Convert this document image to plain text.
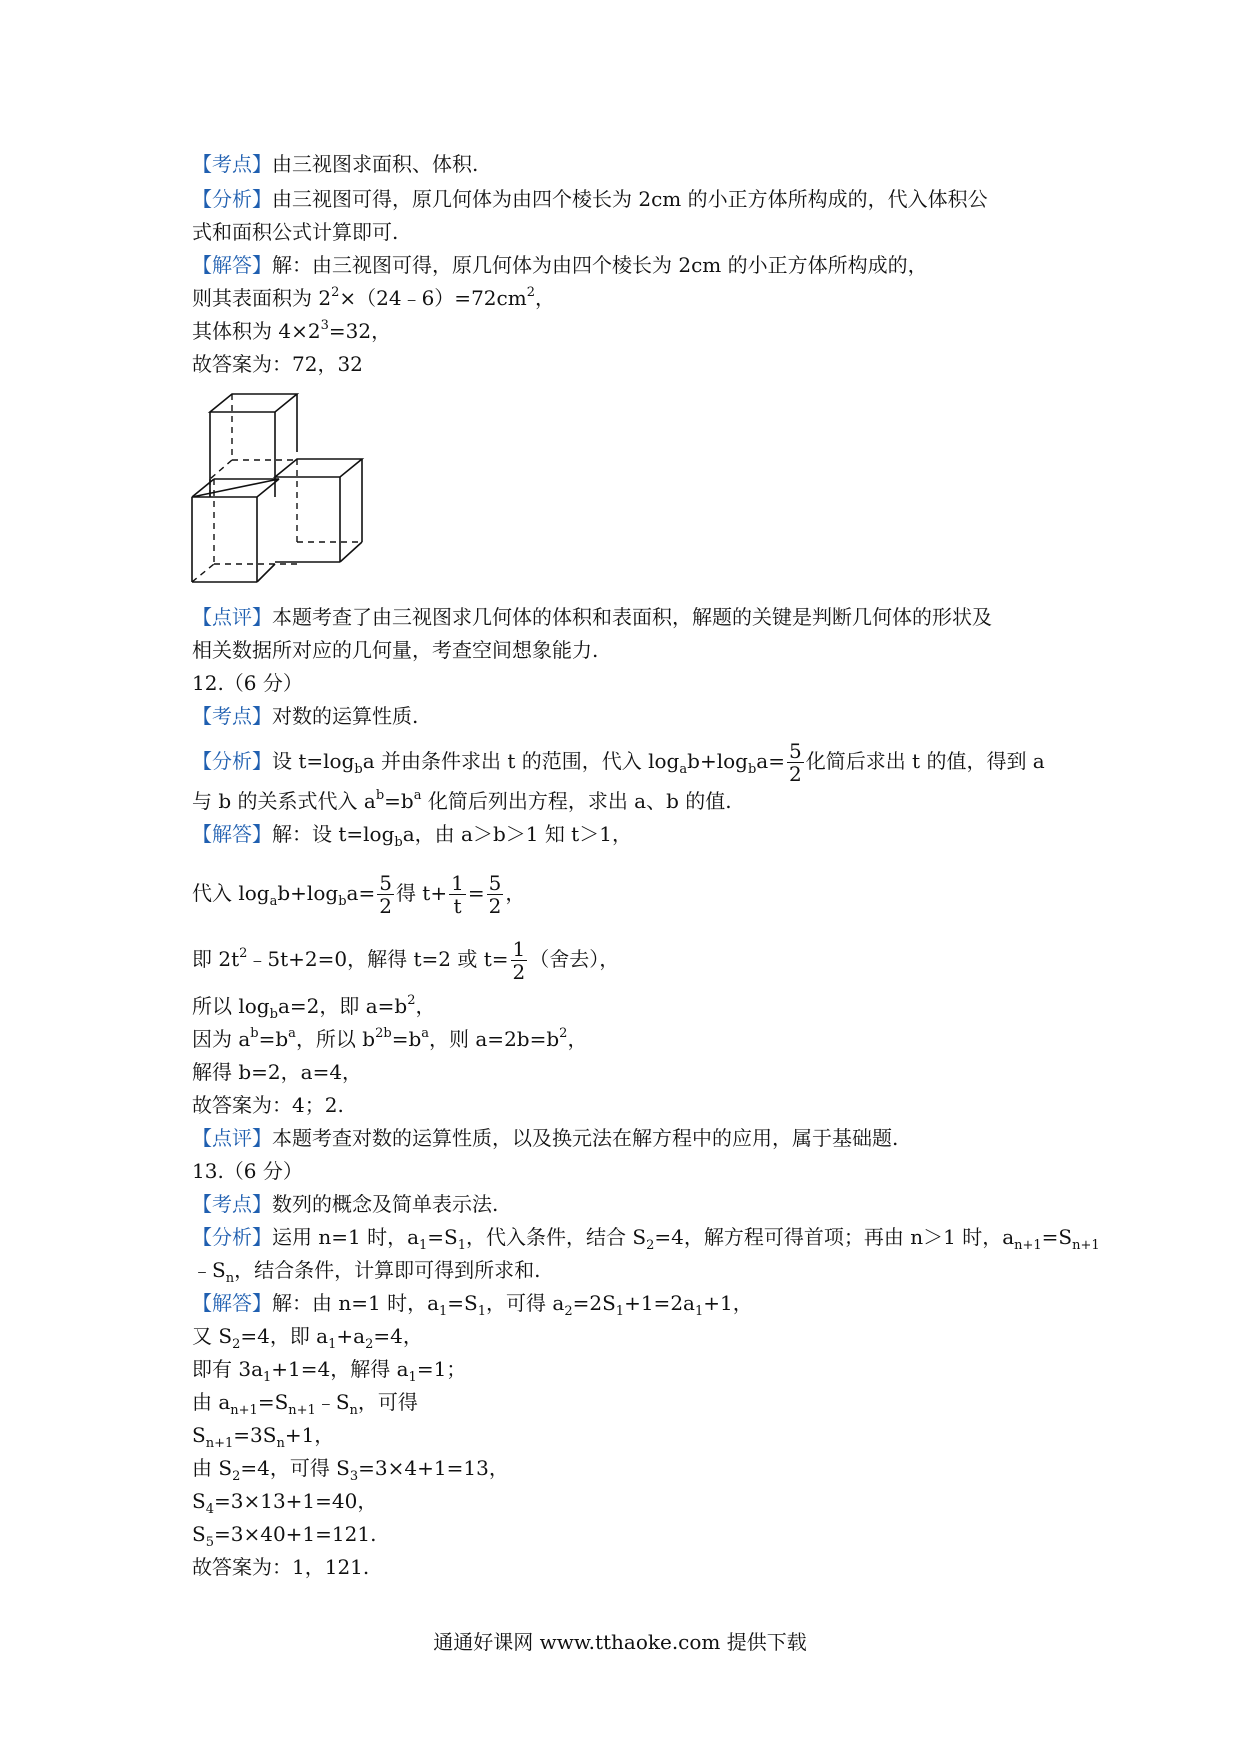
【考点】由三视图求面积、体积.
【分析】由三视图可得，原几何体为由四个棱长为 2cm 的小正方体所构成的，代入体积公
式和面积公式计算即可.
【解答】解：由三视图可得，原几何体为由四个棱长为 2cm 的小正方体所构成的，
则其表面积为 $2^2\times(24﹣6)=72cm^2$，
其体积为 $4\times 2^3=32$，
故答案为：72，32
【点评】本题考查了由三视图求几何体的体积和表面积，解题的关键是判断几何体的形状及
相关数据所对应的几何量，考查空间想象能力.
12.（6 分）
【考点】对数的运算性质.
【分析】设 $t=\log_ba$ 并由条件求出 t 的范围，代入 $\log_ab+\log_ba= \frac{5}{2}$ 化简后求出 t 的值，得到 a
与 b 的关系式代入 $a^b=b^a$ 化简后列出方程，求出 a、b 的值.
【解答】解：设 $t=\log_ba$，由 a＞b＞1 知 t＞1，
代入 $\log_ab+\log_ba= \frac{5}{2}$ 得 $t+ \frac{1}{t} = \frac{5}{2}$ ，
即 $2t^2﹣5t+2=0$，解得 t=2 或 $t= \frac{1}{2}$ （舍去），
所以 $\log_ba=2$，即 $a=b^2$，
因为 $a^b=b^a$，所以 $b^{2b}=b^a$，则 $a=2b=b^2$，
解得 b=2，a=4，
故答案为：4；2.
【点评】本题考查对数的运算性质，以及换元法在解方程中的应用，属于基础题.
13.（6 分）
【考点】数列的概念及简单表示法.
【分析】运用 n=1 时，$a_1=S_1$，代入条件，结合 $S_2=4$，解方程可得首项；再由 n＞1 时，$a_{n+1}=S_{n+1}$
$﹣S_n$，结合条件，计算即可得到所求和.
【解答】解：由 n=1 时，$a_1=S_1$，可得 $a_2=2S_1+1=2a_1+1$，
又 $S_2=4$，即 $a_1+a_2=4$，
即有 $3a_1+1=4$，解得 $a_1=1$；
由 $a_{n+1}=S_{n+1}﹣S_n$，可得
$S_{n+1}=3S_n+1$，
由 $S_2=4$，可得 $S_3=3\times 4+1=13$，
$S_4=3\times 13+1=40$，
$S_5=3\times 40+1=121$.
故答案为：1，121.
通通好课网 www.tthaoke.com 提供下载
